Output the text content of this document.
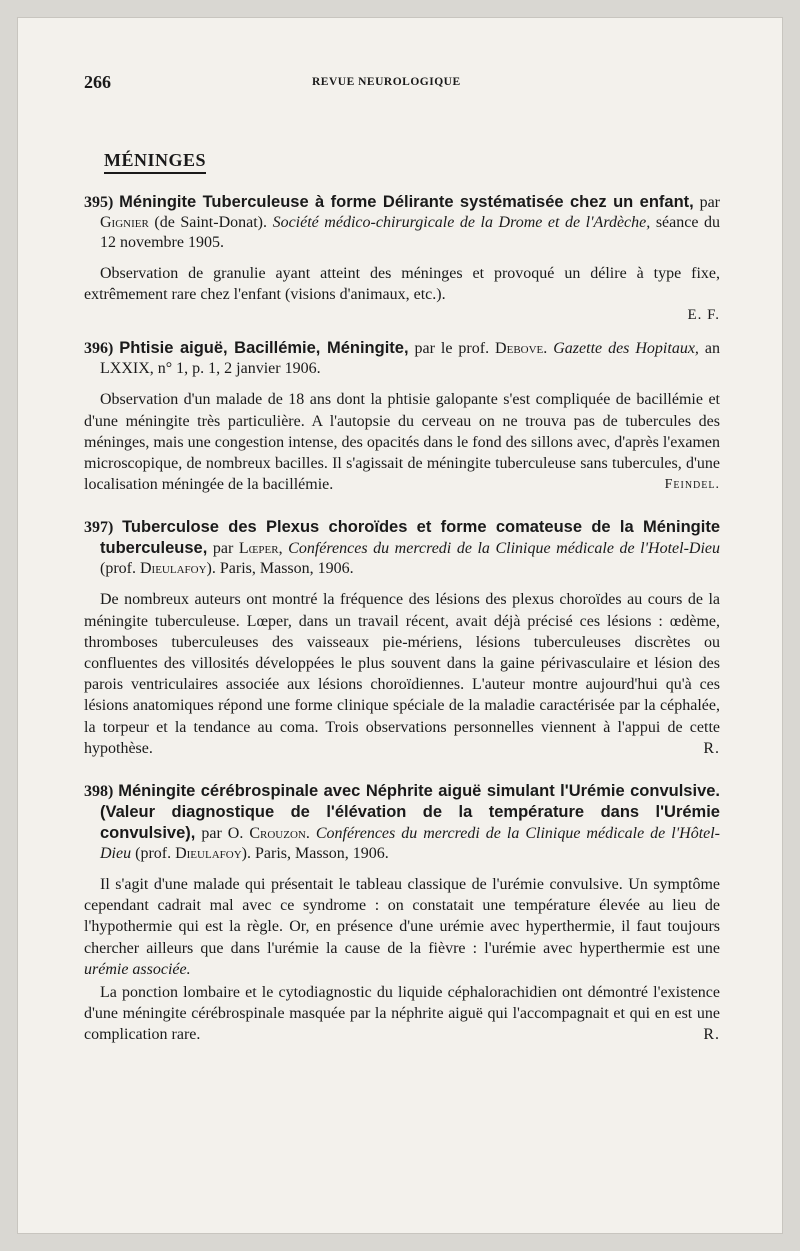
266	REVUE NEUROLOGIQUE
MÉNINGES
395) Méningite Tuberculeuse à forme Délirante systématisée chez un enfant, par Gignier (de Saint-Donat). Société médico-chirurgicale de la Drome et de l'Ardèche, séance du 12 novembre 1905.
Observation de granulie ayant atteint des méninges et provoqué un délire à type fixe, extrêmement rare chez l'enfant (visions d'animaux, etc.).
E. F.
396) Phtisie aiguë, Bacillémie, Méningite, par le prof. Debove. Gazette des Hopitaux, an LXXIX, n° 1, p. 1, 2 janvier 1906.
Observation d'un malade de 18 ans dont la phtisie galopante s'est compliquée de bacillémie et d'une méningite très particulière. A l'autopsie du cerveau on ne trouva pas de tubercules des méninges, mais une congestion intense, des opacités dans le fond des sillons avec, d'après l'examen microscopique, de nombreux bacilles. Il s'agissait de méningite tuberculeuse sans tubercules, d'une localisation méningée de la bacillémie.	Feindel.
397) Tuberculose des Plexus choroïdes et forme comateuse de la Méningite tuberculeuse, par Lœper, Conférences du mercredi de la Clinique médicale de l'Hotel-Dieu (prof. Dieulafoy). Paris, Masson, 1906.
De nombreux auteurs ont montré la fréquence des lésions des plexus choroïdes au cours de la méningite tuberculeuse. Lœper, dans un travail récent, avait déjà précisé ces lésions : œdème, thromboses tuberculeuses des vaisseaux pie-mériens, lésions tuberculeuses discrètes ou confluentes des villosités développées le plus souvent dans la gaine périvasculaire et lésion des parois ventriculaires associée aux lésions choroïdiennes. L'auteur montre aujourd'hui qu'à ces lésions anatomiques répond une forme clinique spéciale de la maladie caractérisée par la céphalée, la torpeur et la tendance au coma. Trois observations personnelles viennent à l'appui de cette hypothèse.	R.
398) Méningite cérébrospinale avec Néphrite aiguë simulant l'Urémie convulsive. (Valeur diagnostique de l'élévation de la température dans l'Urémie convulsive), par O. Crouzon. Conférences du mercredi de la Clinique médicale de l'Hôtel-Dieu (prof. Dieulafoy). Paris, Masson, 1906.
Il s'agit d'une malade qui présentait le tableau classique de l'urémie convulsive. Un symptôme cependant cadrait mal avec ce syndrome : on constatait une température élevée au lieu de l'hypothermie qui est la règle. Or, en présence d'une urémie avec hyperthermie, il faut toujours chercher ailleurs que dans l'urémie la cause de la fièvre : l'urémie avec hyperthermie est une urémie associée.
La ponction lombaire et le cytodiagnostic du liquide céphalorachidien ont démontré l'existence d'une méningite cérébrospinale masquée par la néphrite aiguë qui l'accompagnait et qui en est une complication rare.	R.
